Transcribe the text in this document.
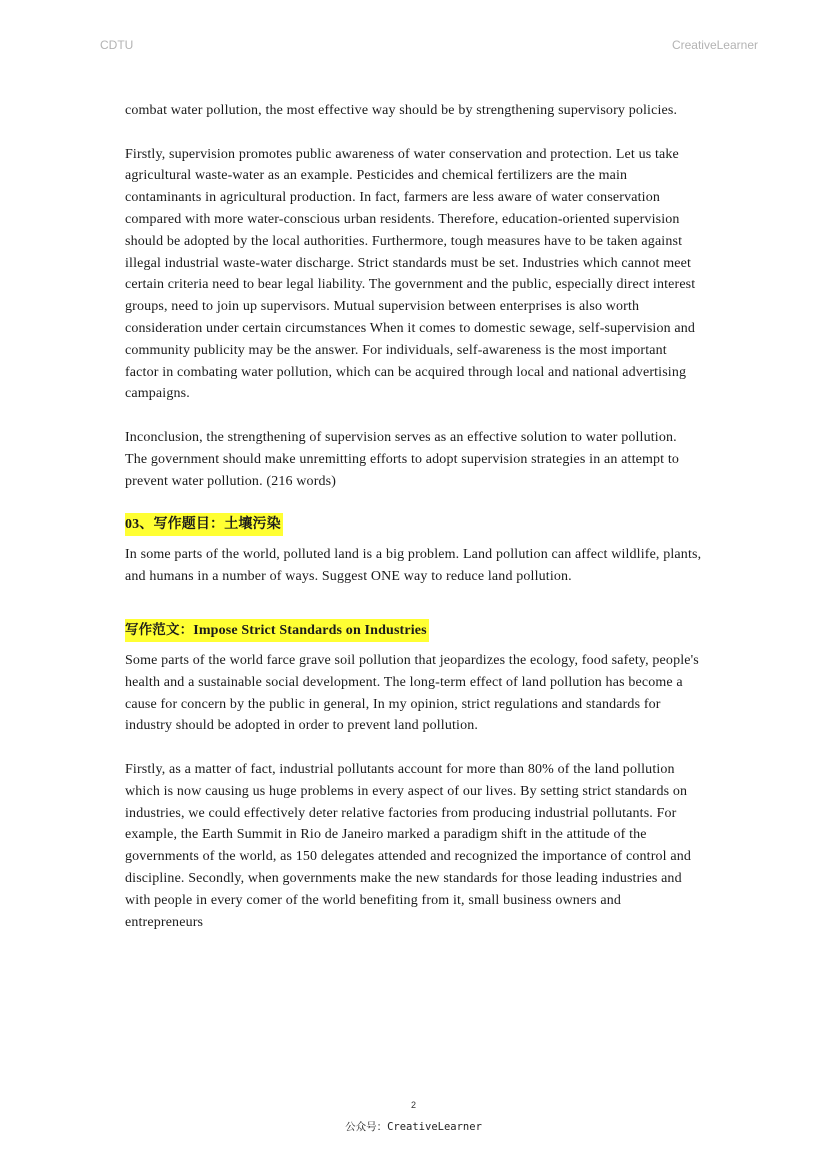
CDTU	CreativeLearner

combat water pollution, the most effective way should be by strengthening supervisory policies.

Firstly, supervision promotes public awareness of water conservation and protection. Let us take agricultural waste-water as an example. Pesticides and chemical fertilizers are the main contaminants in agricultural production. In fact, farmers are less aware of water conservation compared with more water-conscious urban residents. Therefore, education-oriented supervision should be adopted by the local authorities. Furthermore, tough measures have to be taken against illegal industrial waste-water discharge. Strict standards must be set. Industries which cannot meet certain criteria need to bear legal liability. The government and the public, especially direct interest groups, need to join up supervisors. Mutual supervision between enterprises is also worth consideration under certain circumstances When it comes to domestic sewage, self-supervision and community publicity may be the answer. For individuals, self-awareness is the most important factor in combating water pollution, which can be acquired through local and national advertising campaigns.

Inconclusion, the strengthening of supervision serves as an effective solution to water pollution. The government should make unremitting efforts to adopt supervision strategies in an attempt to prevent water pollution. (216 words)

03、写作题目：土壤污染

In some parts of the world, polluted land is a big problem. Land pollution can affect wildlife, plants, and humans in a number of ways. Suggest ONE way to reduce land pollution.

写作范文：Impose Strict Standards on Industries

Some parts of the world farce grave soil pollution that jeopardizes the ecology, food safety, people's health and a sustainable social development. The long-term effect of land pollution has become a cause for concern by the public in general, In my opinion, strict regulations and standards for industry should be adopted in order to prevent land pollution.

Firstly, as a matter of fact, industrial pollutants account for more than 80% of the land pollution which is now causing us huge problems in every aspect of our lives. By setting strict standards on industries, we could effectively deter relative factories from producing industrial pollutants. For example, the Earth Summit in Rio de Janeiro marked a paradigm shift in the attitude of the governments of the world, as 150 delegates attended and recognized the importance of control and discipline. Secondly, when governments make the new standards for those leading industries and with people in every comer of the world benefiting from it, small business owners and entrepreneurs

2
公众号：CreativeLearner
